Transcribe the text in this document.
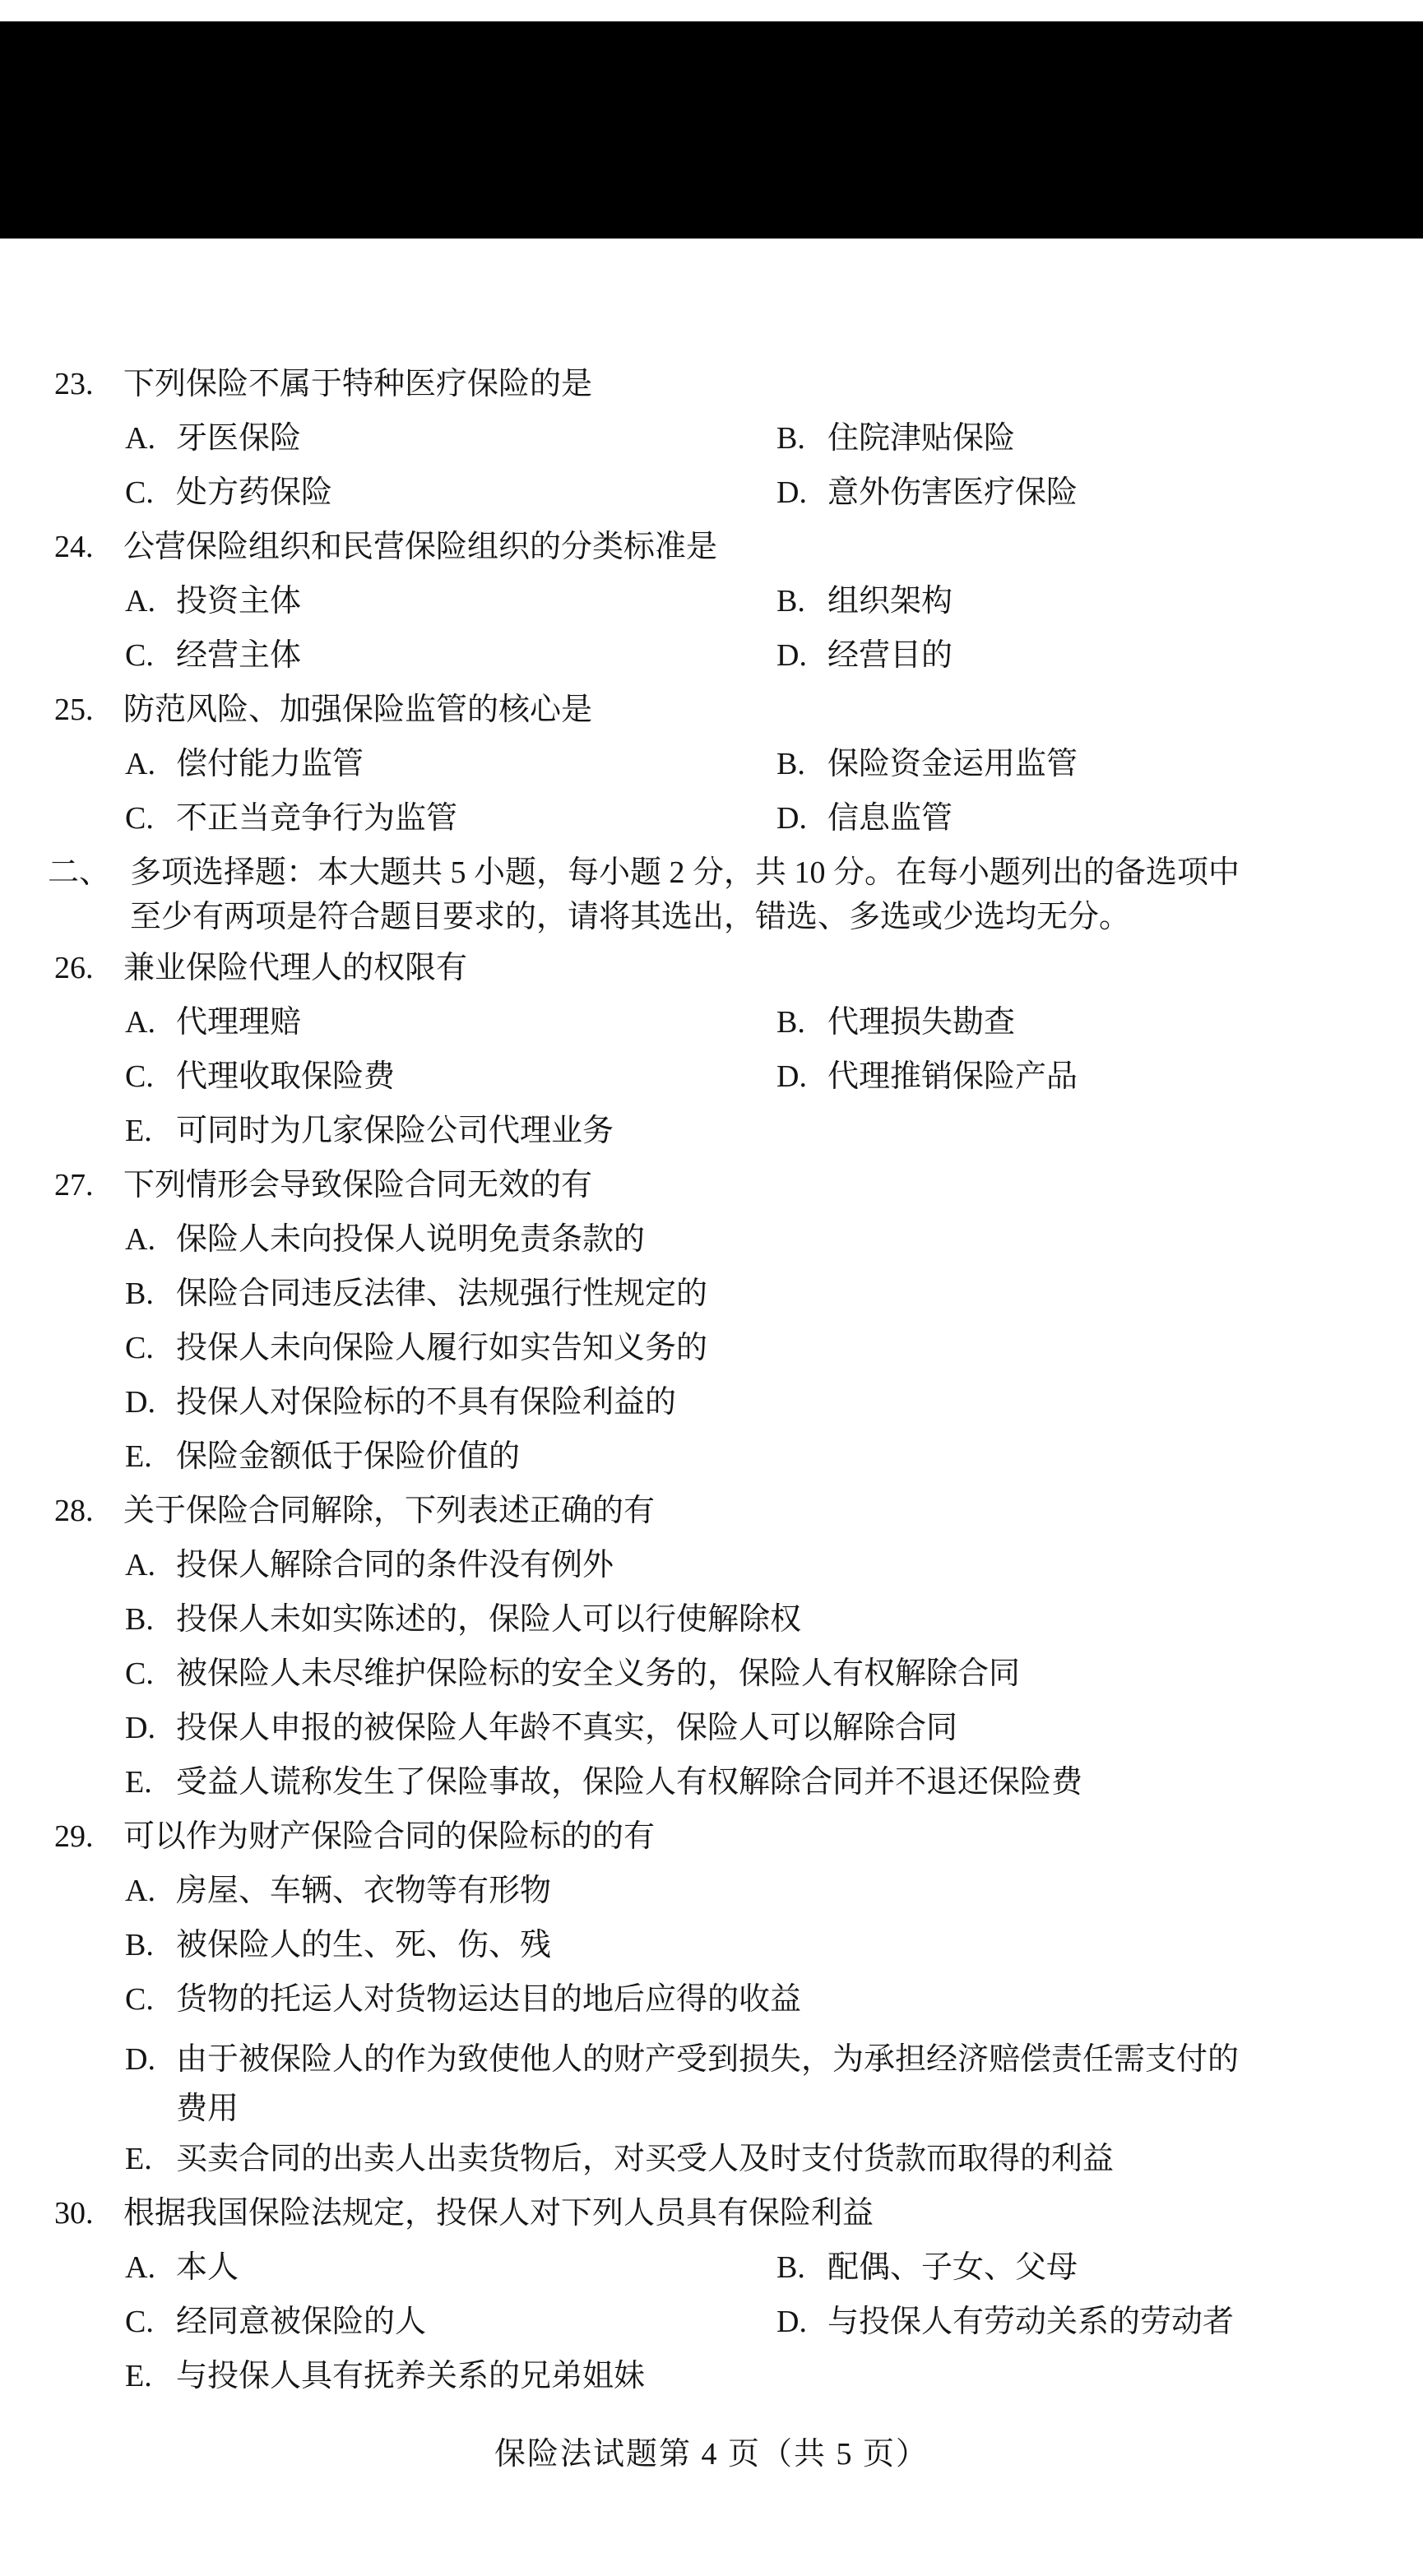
23. 下列保险不属于特种医疗保险的是
A. 牙医保险	B. 住院津贴保险
C. 处方药保险	D. 意外伤害医疗保险
24. 公营保险组织和民营保险组织的分类标准是
A. 投资主体	B. 组织架构
C. 经营主体	D. 经营目的
25. 防范风险、加强保险监管的核心是
A. 偿付能力监管	B. 保险资金运用监管
C. 不正当竞争行为监管	D. 信息监管
二、 多项选择题：本大题共 5 小题，每小题 2 分，共 10 分。在每小题列出的备选项中
至少有两项是符合题目要求的，请将其选出，错选、多选或少选均无分。
26. 兼业保险代理人的权限有
A. 代理理赔	B. 代理损失勘查
C. 代理收取保险费	D. 代理推销保险产品
E. 可同时为几家保险公司代理业务
27. 下列情形会导致保险合同无效的有
A. 保险人未向投保人说明免责条款的
B. 保险合同违反法律、法规强行性规定的
C. 投保人未向保险人履行如实告知义务的
D. 投保人对保险标的不具有保险利益的
E. 保险金额低于保险价值的
28. 关于保险合同解除，下列表述正确的有
A. 投保人解除合同的条件没有例外
B. 投保人未如实陈述的，保险人可以行使解除权
C. 被保险人未尽维护保险标的安全义务的，保险人有权解除合同
D. 投保人申报的被保险人年龄不真实，保险人可以解除合同
E. 受益人谎称发生了保险事故，保险人有权解除合同并不退还保险费
29. 可以作为财产保险合同的保险标的的有
A. 房屋、车辆、衣物等有形物
B. 被保险人的生、死、伤、残
C. 货物的托运人对货物运达目的地后应得的收益
D. 由于被保险人的作为致使他人的财产受到损失，为承担经济赔偿责任需支付的费用
E. 买卖合同的出卖人出卖货物后，对买受人及时支付货款而取得的利益
30. 根据我国保险法规定，投保人对下列人员具有保险利益
A. 本人	B. 配偶、子女、父母
C. 经同意被保险的人	D. 与投保人有劳动关系的劳动者
E. 与投保人具有抚养关系的兄弟姐妹
保险法试题第 4 页（共 5 页）
